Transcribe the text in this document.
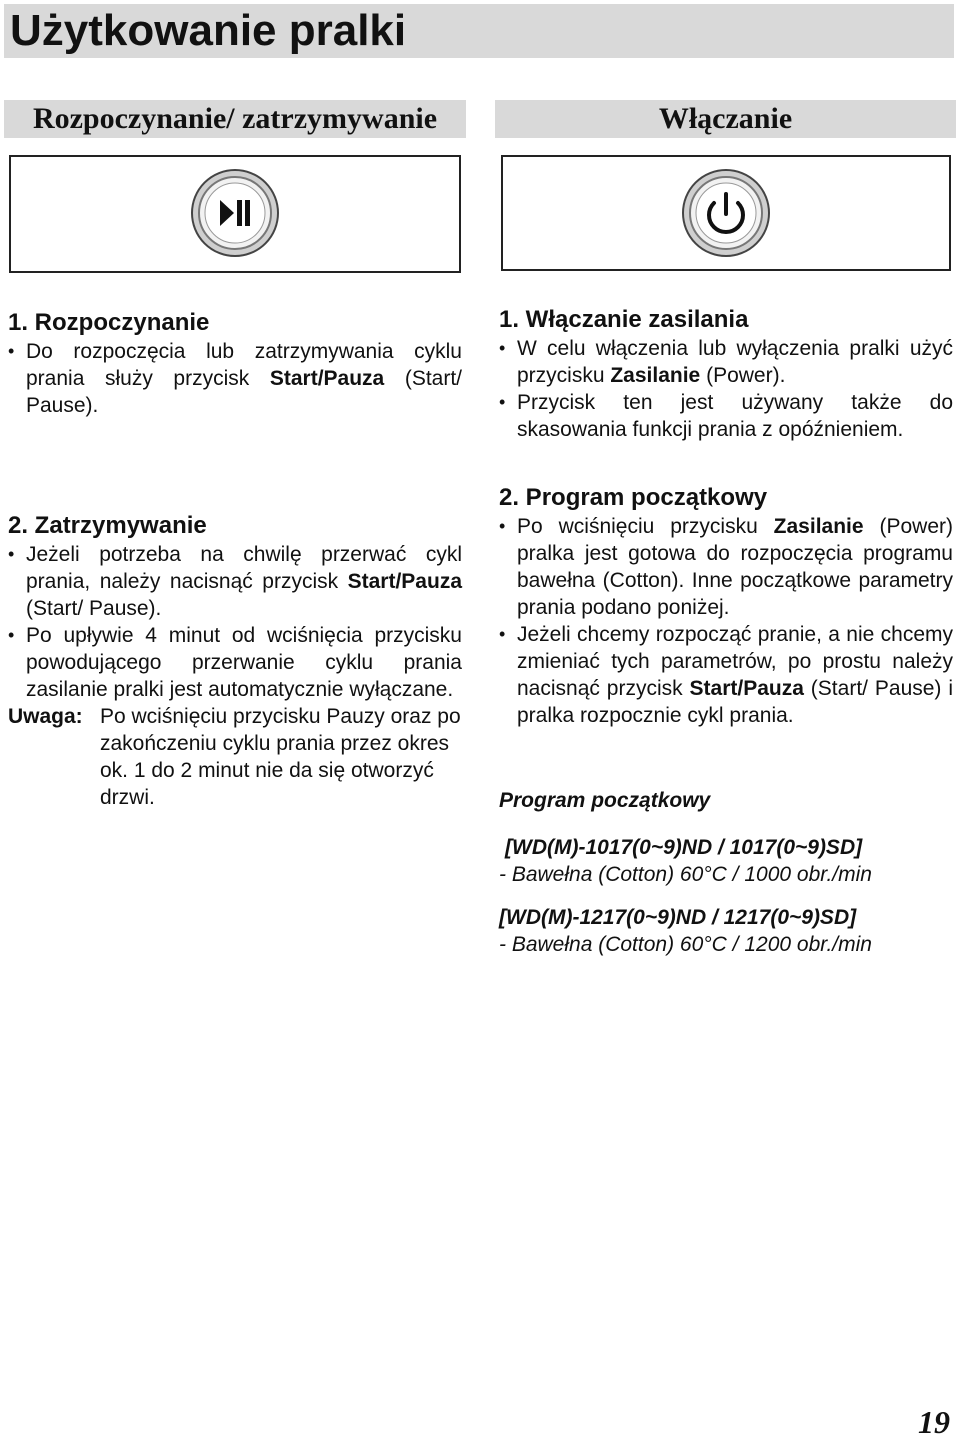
Użytkowanie pralki
Rozpoczynanie/ zatrzymywanie	Włączanie
1. Rozpoczynanie
• Do rozpoczęcia lub zatrzymywania cyklu prania służy przycisk Start/Pauza (Start/ Pause).
2. Zatrzymywanie
• Jeżeli potrzeba na chwilę przerwać cykl prania, należy nacisnąć przycisk Start/Pauza (Start/ Pause).
• Po upływie 4 minut od wciśnięcia przycisku powodującego przerwanie cyklu prania zasilanie pralki jest automatycznie wyłączane.
Uwaga: Po wciśnięciu przycisku Pauzy oraz po zakończeniu cyklu prania przez okres ok. 1 do 2 minut nie da się otworzyć drzwi.
1. Włączanie zasilania
• W celu włączenia lub wyłączenia pralki użyć przycisku Zasilanie (Power).
• Przycisk ten jest używany także do skasowania funkcji prania z opóźnieniem.
2. Program początkowy
• Po wciśnięciu przycisku Zasilanie (Power) pralka jest gotowa do rozpoczęcia programu bawełna (Cotton). Inne początkowe parametry prania podano poniżej.
• Jeżeli chcemy rozpocząć pranie, a nie chcemy zmieniać tych parametrów, po prostu należy nacisnąć przycisk Start/Pauza (Start/ Pause) i pralka rozpocznie cykl prania.
Program początkowy
[WD(M)-1017(0~9)ND / 1017(0~9)SD]
- Bawełna (Cotton) 60°C / 1000 obr./min
[WD(M)-1217(0~9)ND / 1217(0~9)SD]
- Bawełna (Cotton) 60°C / 1200 obr./min
19
